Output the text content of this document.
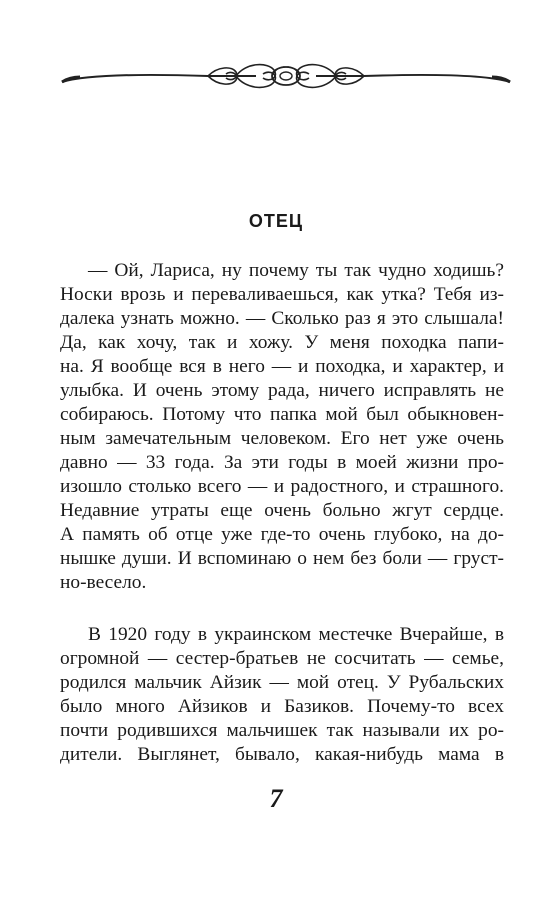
ОТЕЦ
— Ой, Лариса, ну почему ты так чудно ходишь?
Носки врозь и переваливаешься, как утка? Тебя из-
далека узнать можно. — Сколько раз я это слышала!
Да, как хочу, так и хожу. У меня походка папи-
на. Я вообще вся в него — и походка, и характер, и
улыбка. И очень этому рада, ничего исправлять не
собираюсь. Потому что папка мой был обыкновен-
ным замечательным человеком. Его нет уже очень
давно — 33 года. За эти годы в моей жизни про-
изошло столько всего — и радостного, и страшного.
Недавние утраты еще очень больно жгут сердце.
А память об отце уже где-то очень глубоко, на до-
нышке души. И вспоминаю о нем без боли — груст-
но-весело.
В 1920 году в украинском местечке Вчерайше, в
огромной — сестер-братьев не сосчитать — семье,
родился мальчик Айзик — мой отец. У Рубальских
было много Айзиков и Базиков. Почему-то всех
почти родившихся мальчишек так называли их ро-
дители. Выглянет, бывало, какая-нибудь мама в
7
